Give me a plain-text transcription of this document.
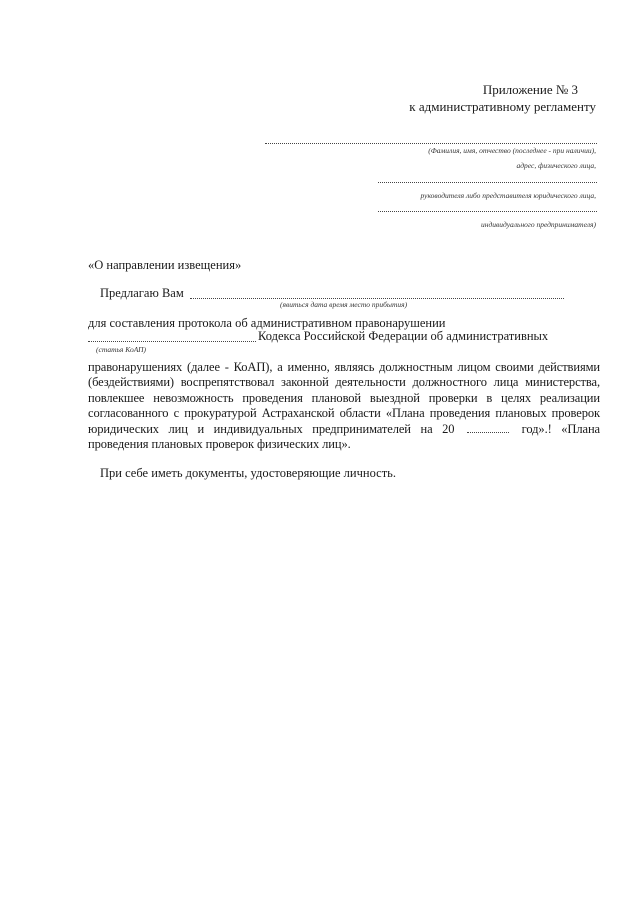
Приложение № 3
к административному регламенту
(Фамилия, имя, отчество (последнее - при наличии),
адрес, физического лица,
руководителя либо представителя юридического лица,
индивидуального предпринимателя)
«О направлении извещения»
Предлагаю Вам
(явиться дата время место прибытия)
для составления протокола об административном правонарушении
Кодекса Российской Федерации об административных
(статья КоАП)
правонарушениях (далее - КоАП), а именно, являясь должностным лицом своими действиями (бездействиями) воспрепятствовал законной деятельности должностного лица министерства, повлекшее невозможность проведения плановой выездной проверки в целях реализации согласованного с прокуратурой Астраханской области «Плана проведения плановых проверок юридических лиц и индивидуальных предпринимателей на 20	год».! «Плана проведения плановых проверок физических лиц».
При себе иметь документы, удостоверяющие личность.
